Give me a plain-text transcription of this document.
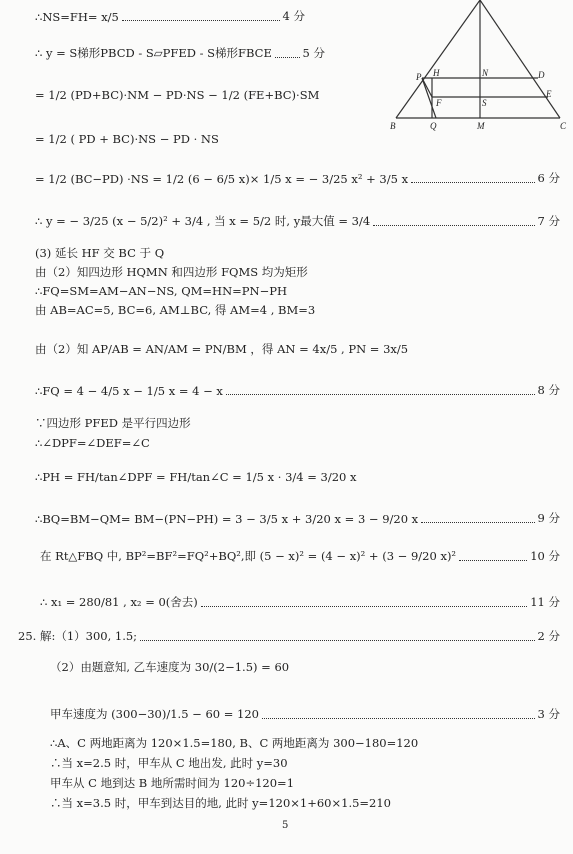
P H	N	D
F	S
E
B	Q	M	C
∴NS=FH= x/5	4 分
∴ y = S梯形PBCD - S▱PFED - S梯形FBCE	5 分
= 1/2 (PD+BC)·NM − PD·NS − 1/2 (FE+BC)·SM
= 1/2 ( PD + BC)·NS − PD · NS
= 1/2 (BC−PD) ·NS = 1/2 (6 − 6/5 x)× 1/5 x = − 3/25 x² + 3/5 x	6 分
∴ y = − 3/25 (x − 5/2)² + 3/4 , 当 x = 5/2 时, y最大值 = 3/4	7 分
(3) 延长 HF 交 BC 于 Q
由（2）知四边形 HQMN 和四边形 FQMS 均为矩形
∴FQ=SM=AM−AN−NS, QM=HN=PN−PH
由 AB=AC=5, BC=6, AM⊥BC, 得 AM=4 , BM=3
由（2）知 AP/AB = AN/AM = PN/BM ，得 AN = 4x/5 , PN = 3x/5
∴FQ = 4 − 4/5 x − 1/5 x = 4 − x	8 分
∵四边形 PFED 是平行四边形
∴∠DPF=∠DEF=∠C
∴PH = FH/tan∠DPF = FH/tan∠C = 1/5 x · 3/4 = 3/20 x
∴BQ=BM−QM= BM−(PN−PH) = 3 − 3/5 x + 3/20 x = 3 − 9/20 x	9 分
在 Rt△FBQ 中, BP²=BF²=FQ²+BQ²,即 (5 − x)² = (4 − x)² + (3 − 9/20 x)²	10 分
∴ x₁ = 280/81 , x₂ = 0(舍去)	11 分
25. 解:（1）300, 1.5;	2 分
（2）由题意知, 乙车速度为 30/(2−1.5) = 60
甲车速度为 (300−30)/1.5 − 60 = 120	3 分
∴A、C 两地距离为 120×1.5=180, B、C 两地距离为 300−180=120
∴当 x=2.5 时，甲车从 C 地出发, 此时 y=30
甲车从 C 地到达 B 地所需时间为 120÷120=1
∴当 x=3.5 时，甲车到达目的地, 此时 y=120×1+60×1.5=210
5
